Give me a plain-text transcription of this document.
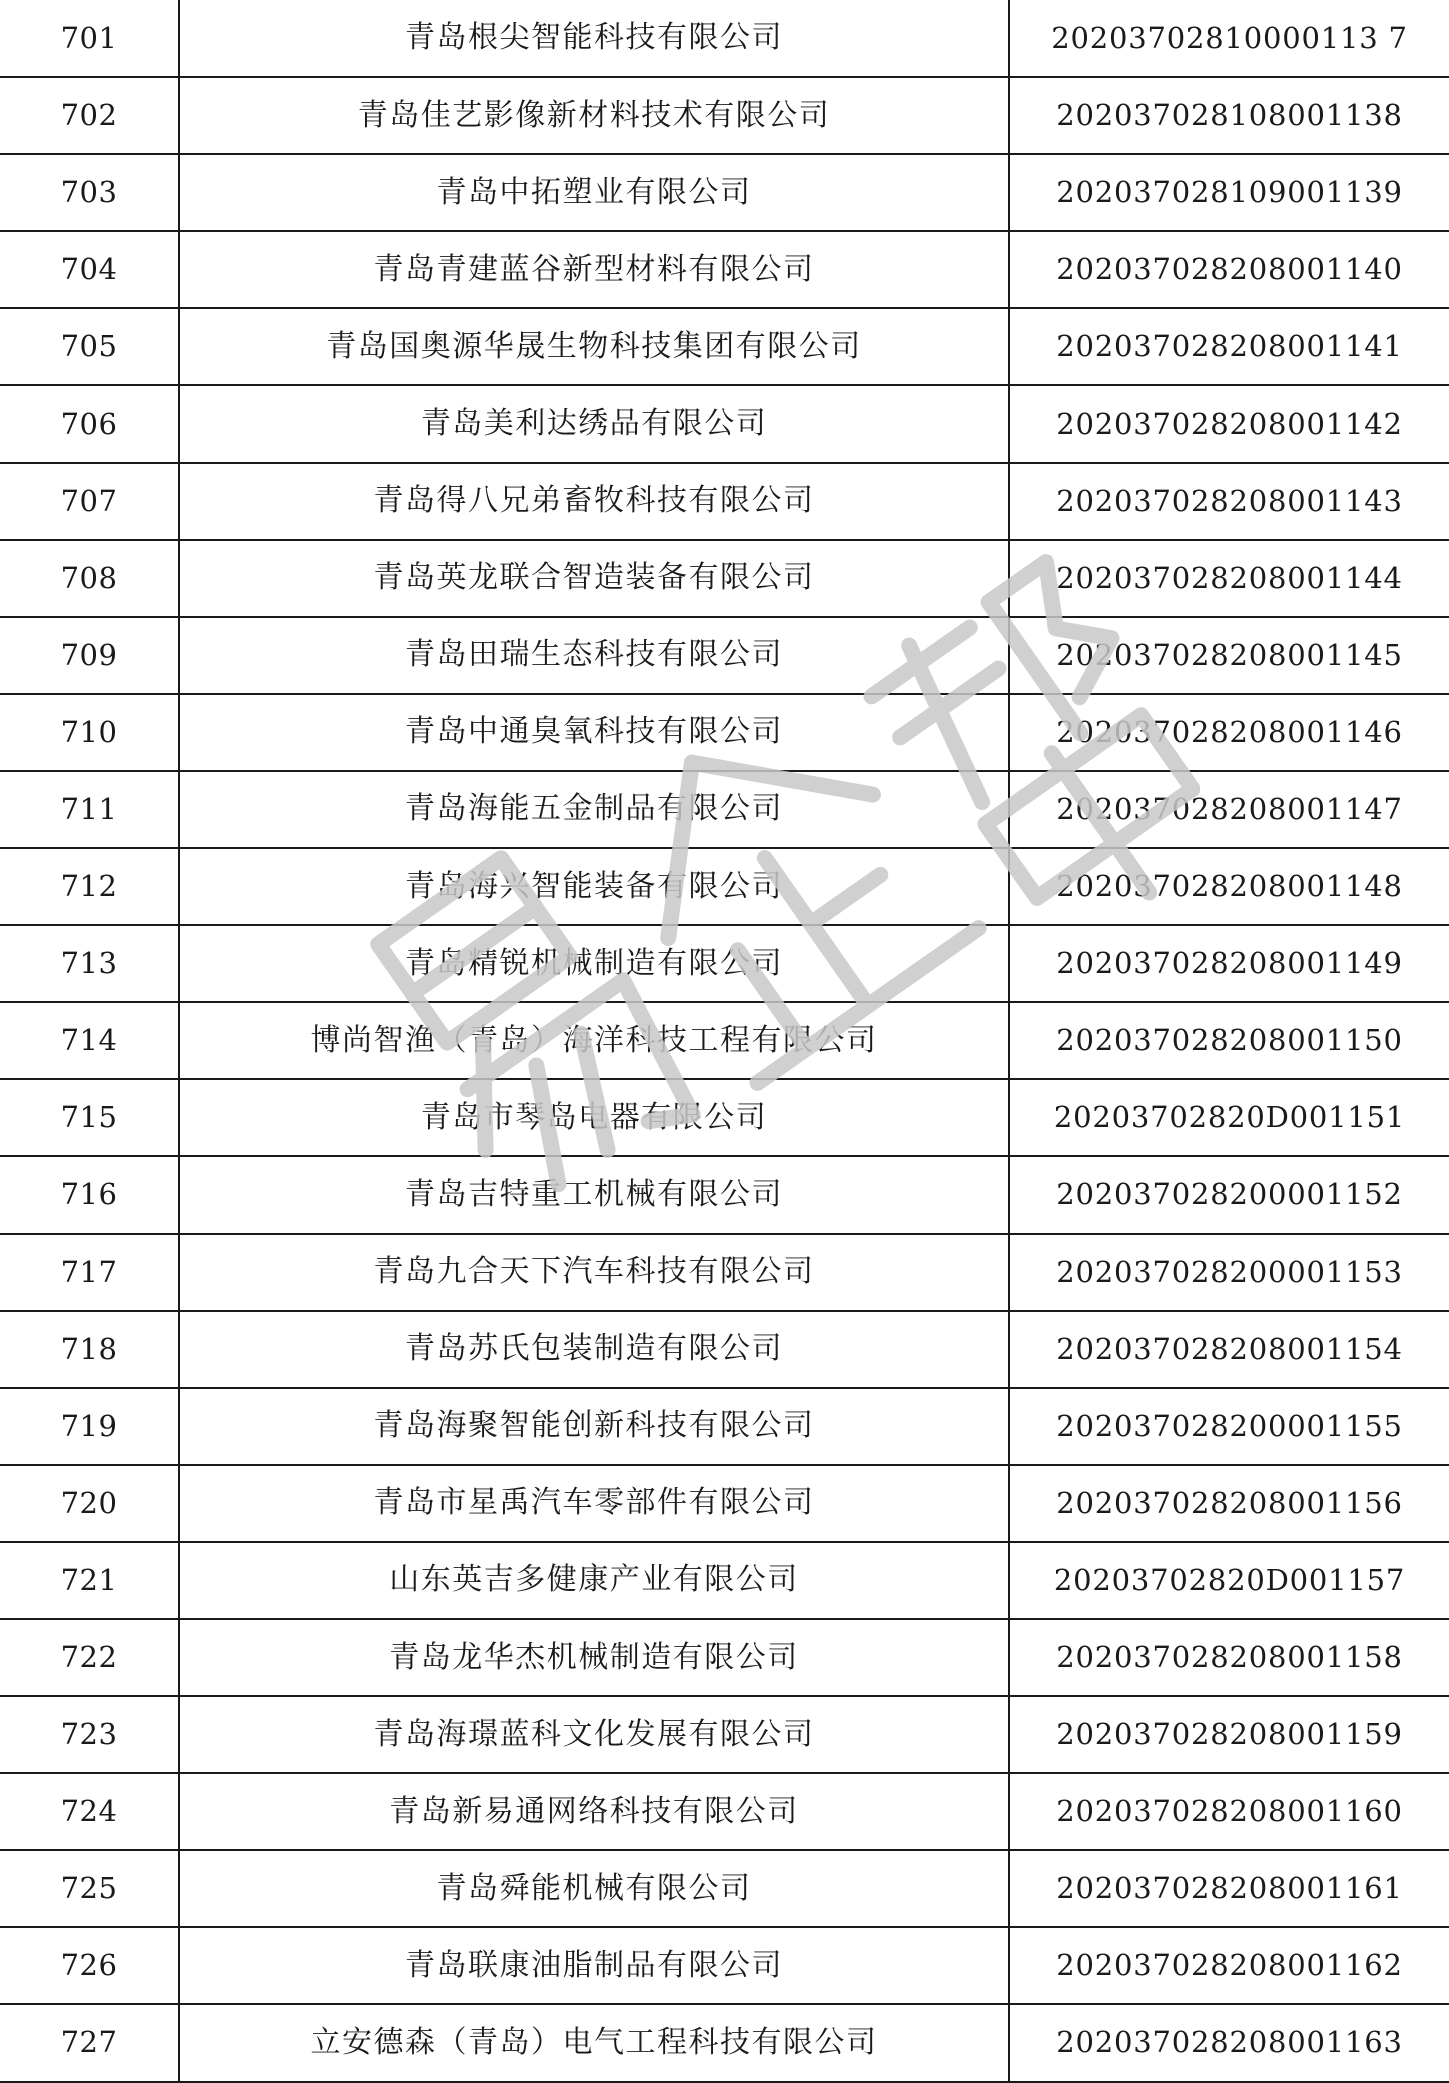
701	青岛根尖智能科技有限公司	20203702810000113 7
702	青岛佳艺影像新材料技术有限公司	202037028108001138
703	青岛中拓塑业有限公司	202037028109001139
704	青岛青建蓝谷新型材料有限公司	202037028208001140
705	青岛国奥源华晟生物科技集团有限公司	202037028208001141
706	青岛美利达绣品有限公司	202037028208001142
707	青岛得八兄弟畜牧科技有限公司	202037028208001143
708	青岛英龙联合智造装备有限公司	202037028208001144
709	青岛田瑞生态科技有限公司	202037028208001145
710	青岛中通臭氧科技有限公司	202037028208001146
711	青岛海能五金制品有限公司	202037028208001147
712	青岛海兴智能装备有限公司	202037028208001148
713	青岛精锐机械制造有限公司	202037028208001149
714	博尚智渔（青岛）海洋科技工程有限公司	202037028208001150
715	青岛市琴岛电器有限公司	20203702820D001151
716	青岛吉特重工机械有限公司	202037028200001152
717	青岛九合天下汽车科技有限公司	202037028200001153
718	青岛苏氏包装制造有限公司	202037028208001154
719	青岛海聚智能创新科技有限公司	202037028200001155
720	青岛市星禹汽车零部件有限公司	202037028208001156
721	山东英吉多健康产业有限公司	20203702820D001157
722	青岛龙华杰机械制造有限公司	202037028208001158
723	青岛海璟蓝科文化发展有限公司	202037028208001159
724	青岛新易通网络科技有限公司	202037028208001160
725	青岛舜能机械有限公司	202037028208001161
726	青岛联康油脂制品有限公司	202037028208001162
727	立安德森（青岛）电气工程科技有限公司	202037028208001163
